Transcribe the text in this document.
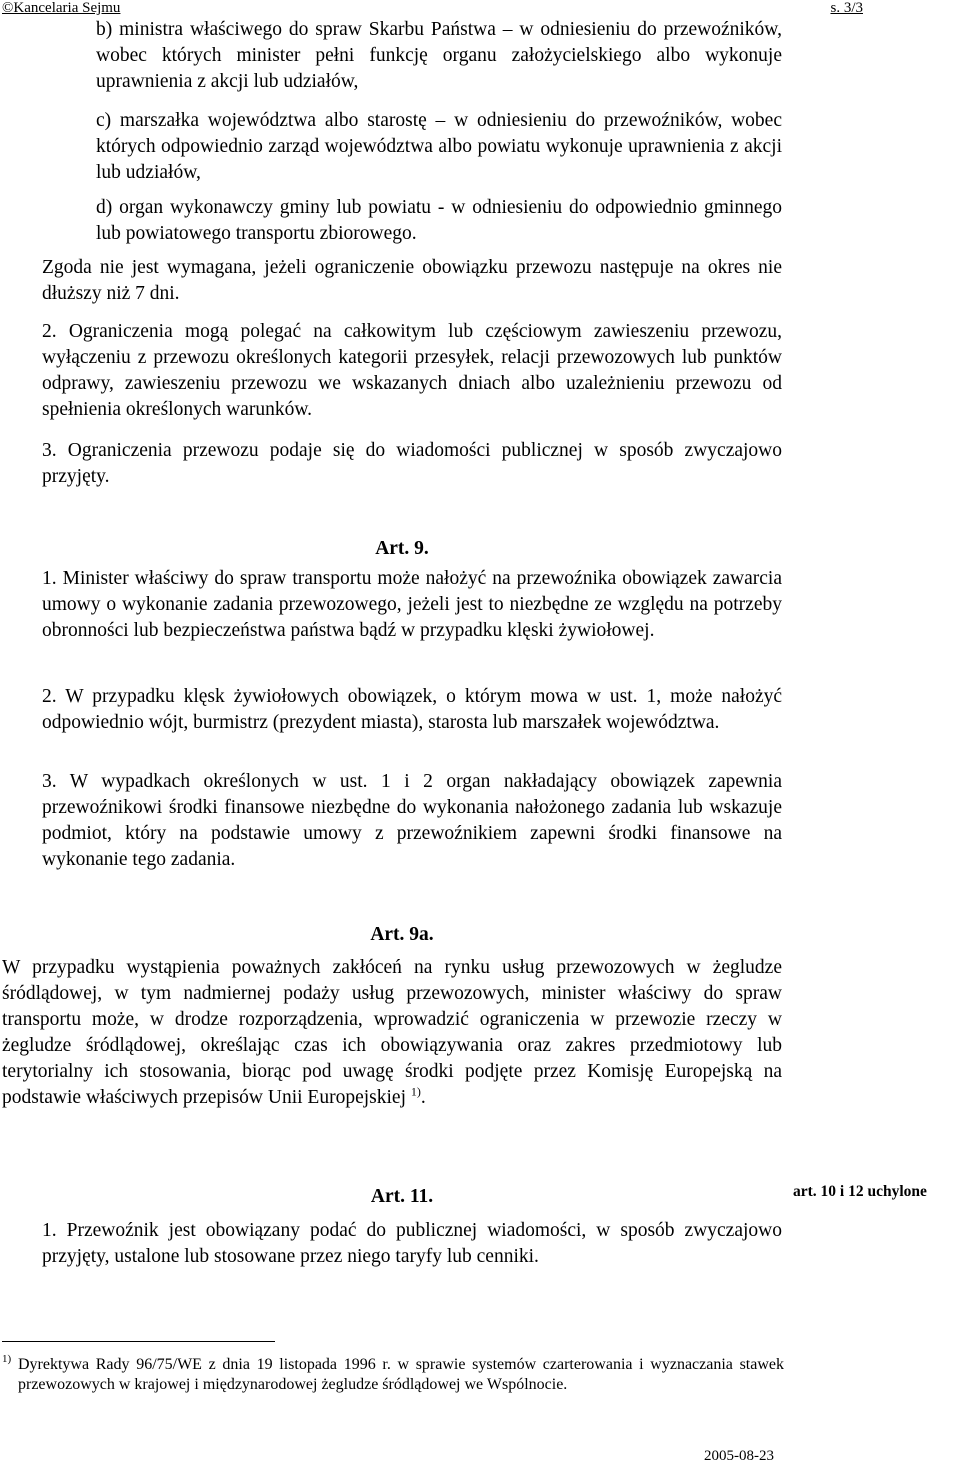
©Kancelaria Sejmu	s. 3/3

b) ministra właściwego do spraw Skarbu Państwa – w odniesieniu do przewoźników, wobec których minister pełni funkcję organu założycielskiego albo wykonuje uprawnienia z akcji lub udziałów,

c) marszałka województwa albo starostę – w odniesieniu do przewoźników, wobec których odpowiednio zarząd województwa albo powiatu wykonuje uprawnienia z akcji lub udziałów,

d) organ wykonawczy gminy lub powiatu - w odniesieniu do odpowiednio gminnego lub powiatowego transportu zbiorowego.

Zgoda nie jest wymagana, jeżeli ograniczenie obowiązku przewozu następuje na okres nie dłuższy niż 7 dni.

2. Ograniczenia mogą polegać na całkowitym lub częściowym zawieszeniu przewozu, wyłączeniu z przewozu określonych kategorii przesyłek, relacji przewozowych lub punktów odprawy, zawieszeniu przewozu we wskazanych dniach albo uzależnieniu przewozu od spełnienia określonych warunków.

3. Ograniczenia przewozu podaje się do wiadomości publicznej w sposób zwyczajowo przyjęty.

Art. 9.

1. Minister właściwy do spraw transportu może nałożyć na przewoźnika obowiązek zawarcia umowy o wykonanie zadania przewozowego, jeżeli jest to niezbędne ze względu na potrzeby obronności lub bezpieczeństwa państwa bądź w przypadku klęski żywiołowej.

2. W przypadku klęsk żywiołowych obowiązek, o którym mowa w ust. 1, może nałożyć odpowiednio wójt, burmistrz (prezydent miasta), starosta lub marszałek województwa.

3. W wypadkach określonych w ust. 1 i 2 organ nakładający obowiązek zapewnia przewoźnikowi środki finansowe niezbędne do wykonania nałożonego zadania lub wskazuje podmiot, który na podstawie umowy z przewoźnikiem zapewni środki finansowe na wykonanie tego zadania.

Art. 9a.

W przypadku wystąpienia poważnych zakłóceń na rynku usług przewozowych w żegludze śródlądowej, w tym nadmiernej podaży usług przewozowych, minister właściwy do spraw transportu może, w drodze rozporządzenia, wprowadzić ograniczenia w przewozie rzeczy w żegludze śródlądowej, określając czas ich obowiązywania oraz zakres przedmiotowy lub terytorialny ich stosowania, biorąc pod uwagę środki podjęte przez Komisję Europejską na podstawie właściwych przepisów Unii Europejskiej $^{1)}$.

Art. 11.

1. Przewoźnik jest obowiązany podać do publicznej wiadomości, w sposób zwyczajowo przyjęty, ustalone lub stosowane przez niego taryfy lub cenniki.

art. 10 i 12 uchylone
1) Dyrektywa Rady 96/75/WE z dnia 19 listopada 1996 r. w sprawie systemów czarterowania i wyznaczania stawek przewozowych w krajowej i międzynarodowej żegludze śródlądowej we Wspólnocie.
2005-08-23
